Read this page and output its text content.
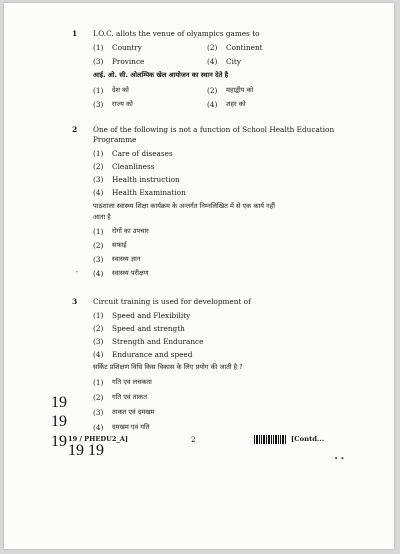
1 I.O.C. allots the venue of olyampics games to
(1) Country	(2) Continent
(3) Province	(4) City
आई. ओ. सी. ओलम्पिक खेल आयोजन का स्थान देते है
(1) देश को	(2) महाद्वीप को
(3) राज्य को	(4) शहर को
2 One of the following is not a function of School Health Education
Programme
(1) Care of diseases
(2) Cleanliness
(3) Health instruction
(4) Health Examination
पाठशाला स्वास्थ्य शिक्षा कार्यक्रम के अन्तर्गत निम्नलिखित में से एक कार्य नहीं
आता है
(1) रोगों का उपचार
(2) सफाई
(3) स्वास्थ्य ज्ञान
(4) स्वास्थ्य परीक्षण
-
3 Circuit training is used for development of
(1) Speed and Flexibility
(2) Speed and strength
(3) Strength and Endurance
(4) Endurance and speed
सर्किट प्रशिक्षण विधि किस विकास के लिए प्रयोग की जाती है ?
(1) गति एवं लचकता
(2) गति एवं ताकत
(3) ताकत एवं दमखम
(4) दमखम एवं गति
19
19
19
19 19
19 / PHEDU2_A]	2	[Contd...
• •
